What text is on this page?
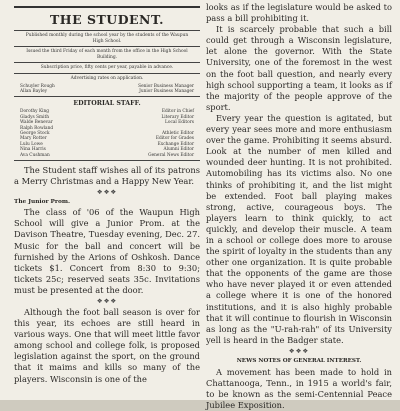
THE STUDENT.
Published monthly during the school year by the students of the Waupun High School.
Issued the third Friday of each month from the office in the High School Building.
Subscription price, fifty cents per year, payable in advance.
Advertising rates on application.
Schuyler Rough	Senior Business Manager
Allan Bayley	Junior Business Manager
EDITORIAL STAFF.
Dorothy King	Editor in Chief
Gladys Smith	Literary Editor
Walde Benevar	Local Editors
Ralph Rowland
George Stock	Athletic Editor
Mary Rotter	Editor for Grades
Lulu Lowe	Exchange Editor
Nina Harris	Alumni Editor
Ava Cushman	General News Editor

The Student staff wishes all of its patrons a Merry Christmas and a Happy New Year.

❖❖❖
The Junior Prom.

The class of '06 of the Waupun High School will give a Junior Prom. at the Davison Theatre, Tuesday evening, Dec. 27. Music for the ball and concert will be furnished by the Arions of Oshkosh. Dance tickets $1. Concert from 8:30 to 9:30; tickets 25c; reserved seats 35c. Invitations must be presented at the door.

❖❖❖

Although the foot ball season is over for this year, its echoes are still heard in various ways. One that will meet little favor among school and college folk, is proposed legislation against the sport, on the ground that it maims and kills so many of the players. Wisconsin is one of the

looks as if the legislature would be asked to pass a bill prohibiting it.

It is scarcely probable that such a bill could get through a Wisconsin legislature, let alone the governor. With the State University, one of the foremost in the west on the foot ball question, and nearly every high school supporting a team, it looks as if the majority of the people approve of the sport.

Every year the question is agitated, but every year sees more and more enthusiasm over the game. Prohibiting it seems absurd. Look at the number of men killed and wounded deer hunting. It is not prohibited. Automobiling has its victims also. No one thinks of prohibiting it, and the list might be extended. Foot ball playing makes strong, active, courageous boys. The players learn to think quickly, to act quickly, and develop their muscle. A team in a school or college does more to arouse the spirit of loyalty in the students than any other one organization. It is quite probable that the opponents of the game are those who have never played it or even attended a college where it is one of the honored institutions, and it is also highly probable that it will continue to flourish in Wisconsin as long as the "U-rah-rah" of its University yell is heard in the Badger state.

❖❖❖
NEWS NOTES OF GENERAL INTEREST.

A movement has been made to hold in Chattanooga, Tenn., in 1915 a world's fair, to be known as the semi-Centennial Peace Jubilee Exposition.
